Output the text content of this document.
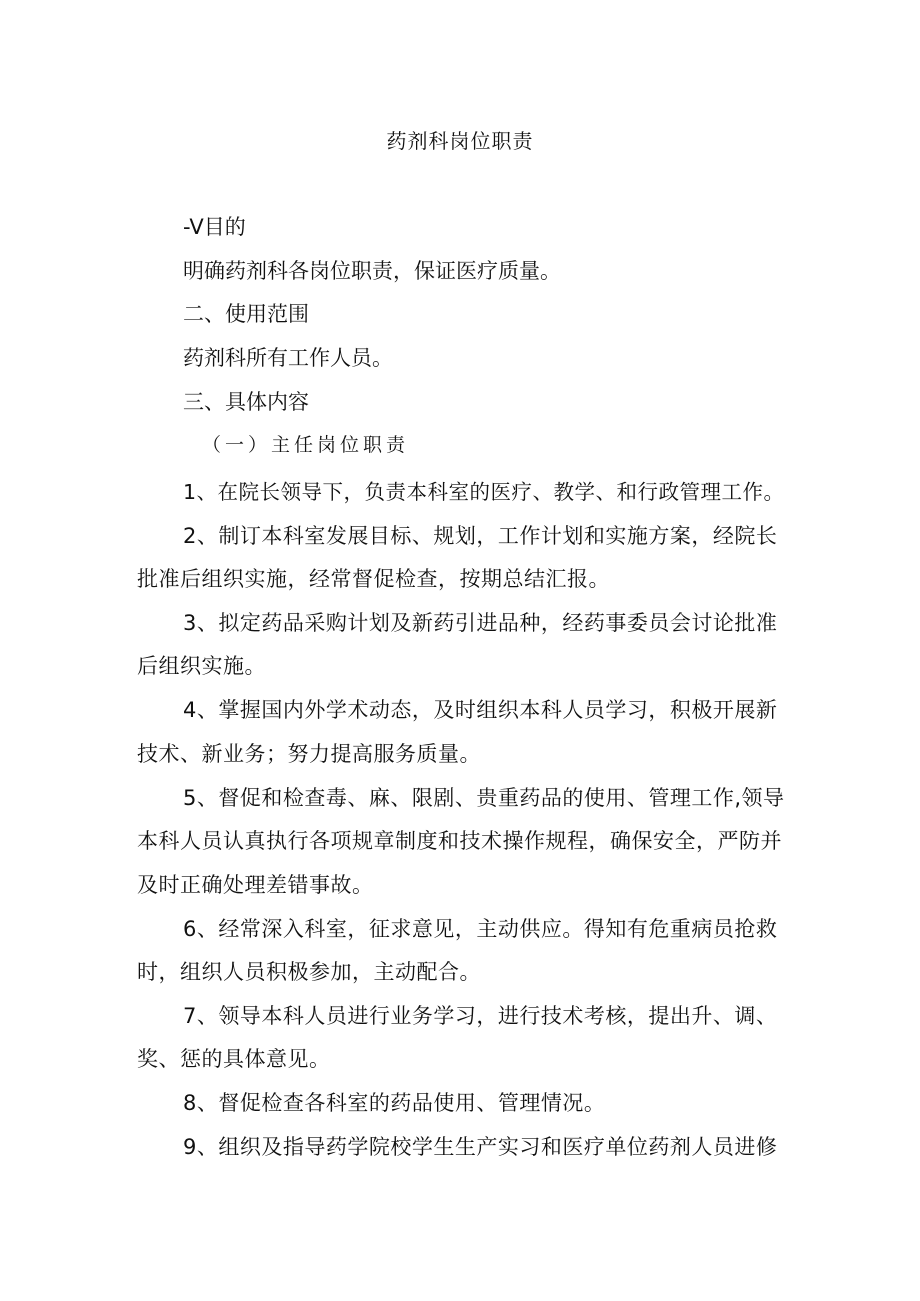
药剂科岗位职责
-V目的
明确药剂科各岗位职责，保证医疗质量。
二、使用范围
药剂科所有工作人员。
三、具体内容
（一）主任岗位职责
1、在院长领导下，负责本科室的医疗、教学、和行政管理工作。
2、制订本科室发展目标、规划，工作计划和实施方案，经院长
批准后组织实施，经常督促检查，按期总结汇报。
3、拟定药品采购计划及新药引进品种，经药事委员会讨论批准
后组织实施。
4、掌握国内外学术动态，及时组织本科人员学习，积极开展新
技术、新业务；努力提高服务质量。
5、督促和检查毒、麻、限剧、贵重药品的使用、管理工作,领导
本科人员认真执行各项规章制度和技术操作规程，确保安全，严防并
及时正确处理差错事故。
6、经常深入科室，征求意见，主动供应。得知有危重病员抢救
时，组织人员积极参加，主动配合。
7、领导本科人员进行业务学习，进行技术考核，提出升、调、
奖、惩的具体意见。
8、督促检查各科室的药品使用、管理情况。
9、组织及指导药学院校学生生产实习和医疗单位药剂人员进修
